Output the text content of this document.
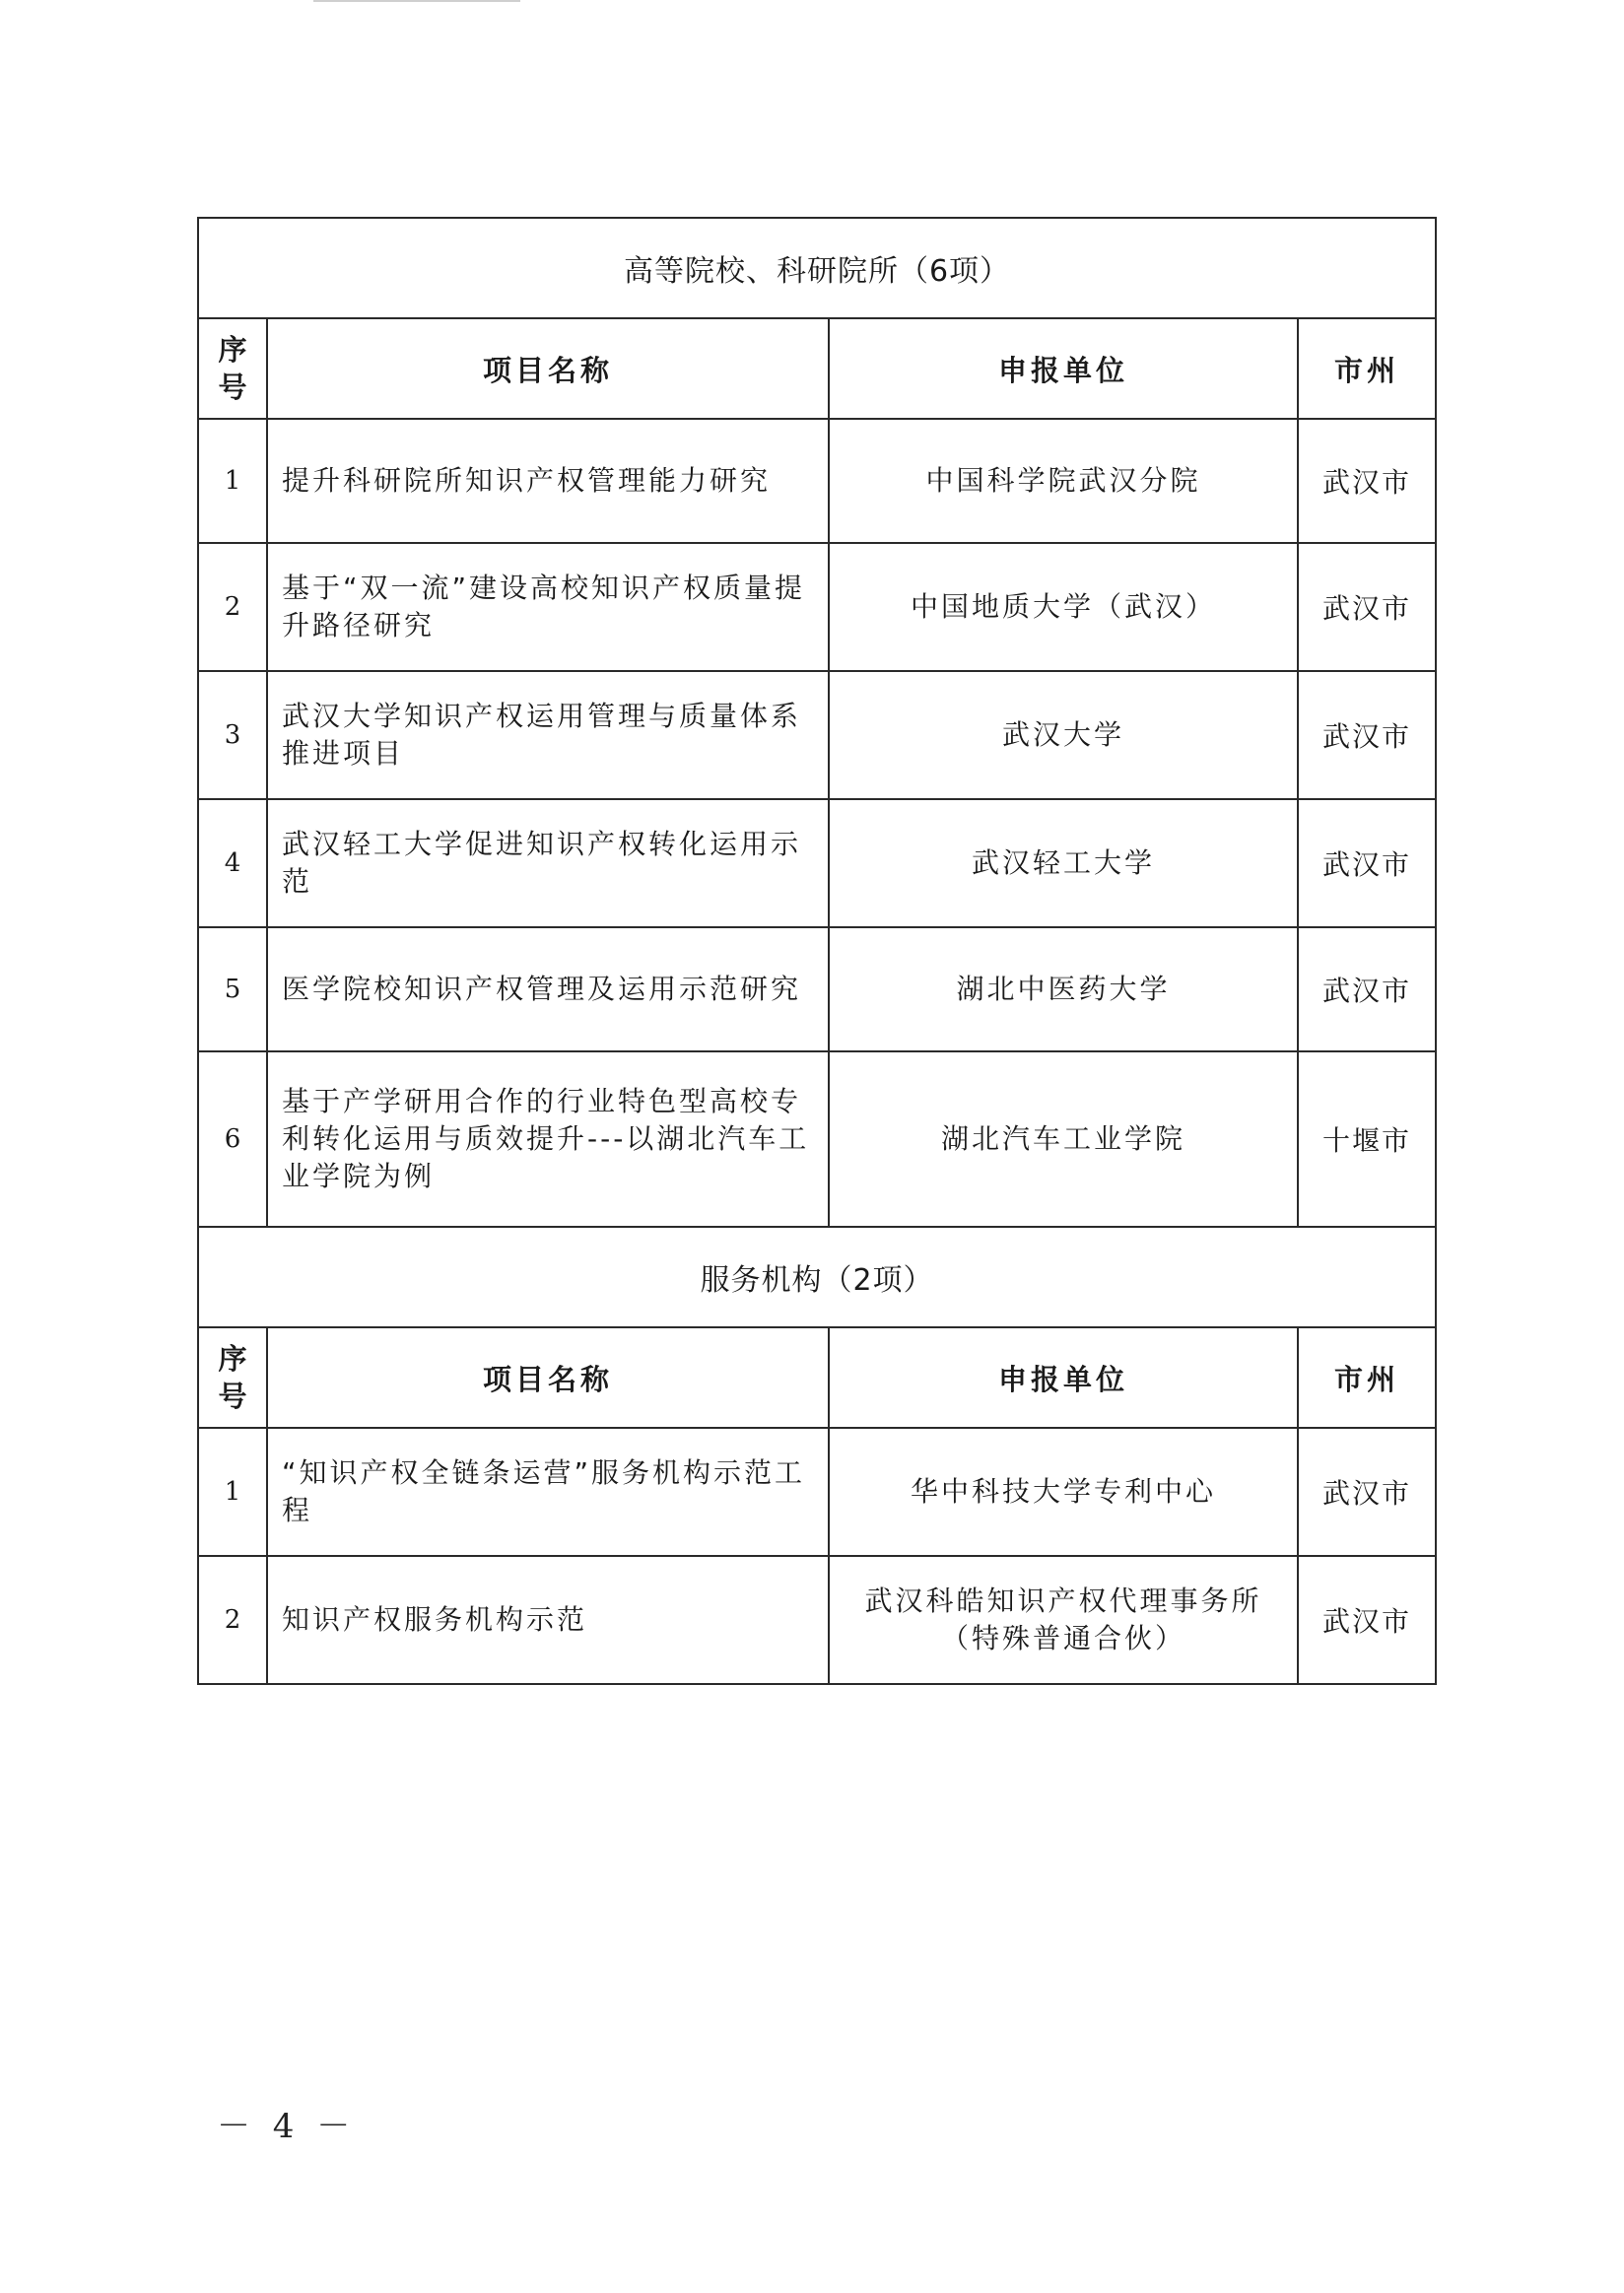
高等院校、科研院所（6项）			

序
号	项目名称	申报单位	市州
1	提升科研院所知识产权管理能力研究	中国科学院武汉分院	武汉市
2	基于“双一流”建设高校知识产权质量提升路径研究	中国地质大学（武汉）	武汉市
3	武汉大学知识产权运用管理与质量体系推进项目	武汉大学	武汉市
4	武汉轻工大学促进知识产权转化运用示范	武汉轻工大学	武汉市
5	医学院校知识产权管理及运用示范研究	湖北中医药大学	武汉市
6	基于产学研用合作的行业特色型高校专利转化运用与质效提升---以湖北汽车工业学院为例	湖北汽车工业学院	十堰市
服务机构（2项）			

序
号	项目名称	申报单位	市州
1	“知识产权全链条运营”服务机构示范工程	华中科技大学专利中心	武汉市
2	知识产权服务机构示范	武汉科皓知识产权代理事务所（特殊普通合伙）	武汉市
－ 4 －
